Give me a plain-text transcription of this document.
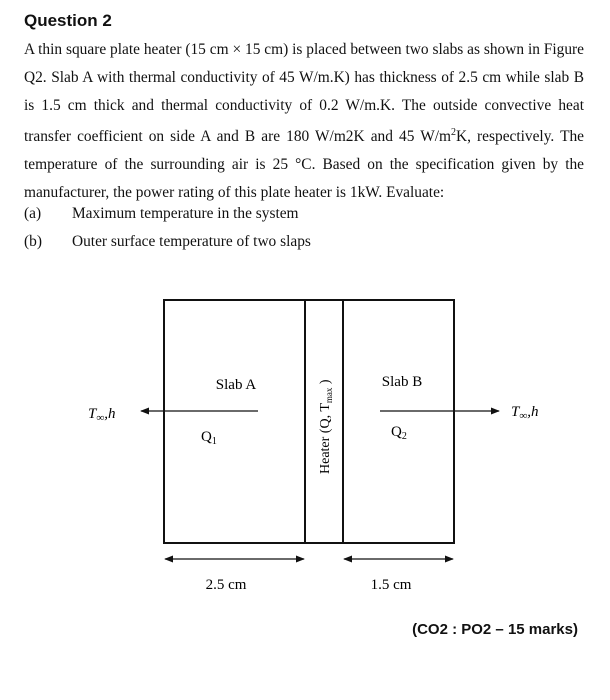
Question 2
A thin square plate heater (15 cm × 15 cm) is placed between two slabs as shown in Figure Q2. Slab A with thermal conductivity of 45 W/m.K) has thickness of 2.5 cm while slab B is 1.5 cm thick and thermal conductivity of 0.2 W/m.K. The outside convective heat transfer coefficient on side A and B are 180 W/m2K and 45 $W/m^2K$, respectively. The temperature of the surrounding air is 25 °C. Based on the specification given by the manufacturer, the power rating of this plate heater is 1kW. Evaluate:
(a) Maximum temperature in the system
(b) Outer surface temperature of two slaps
Slab A	Slab B
$Q_1$
$Q_2$
$T_\infty,h$	$T_\infty,h$
Heater (Q, $T_{max}$ )
2.5 cm	1.5 cm
(CO2 : PO2 – 15 marks)
